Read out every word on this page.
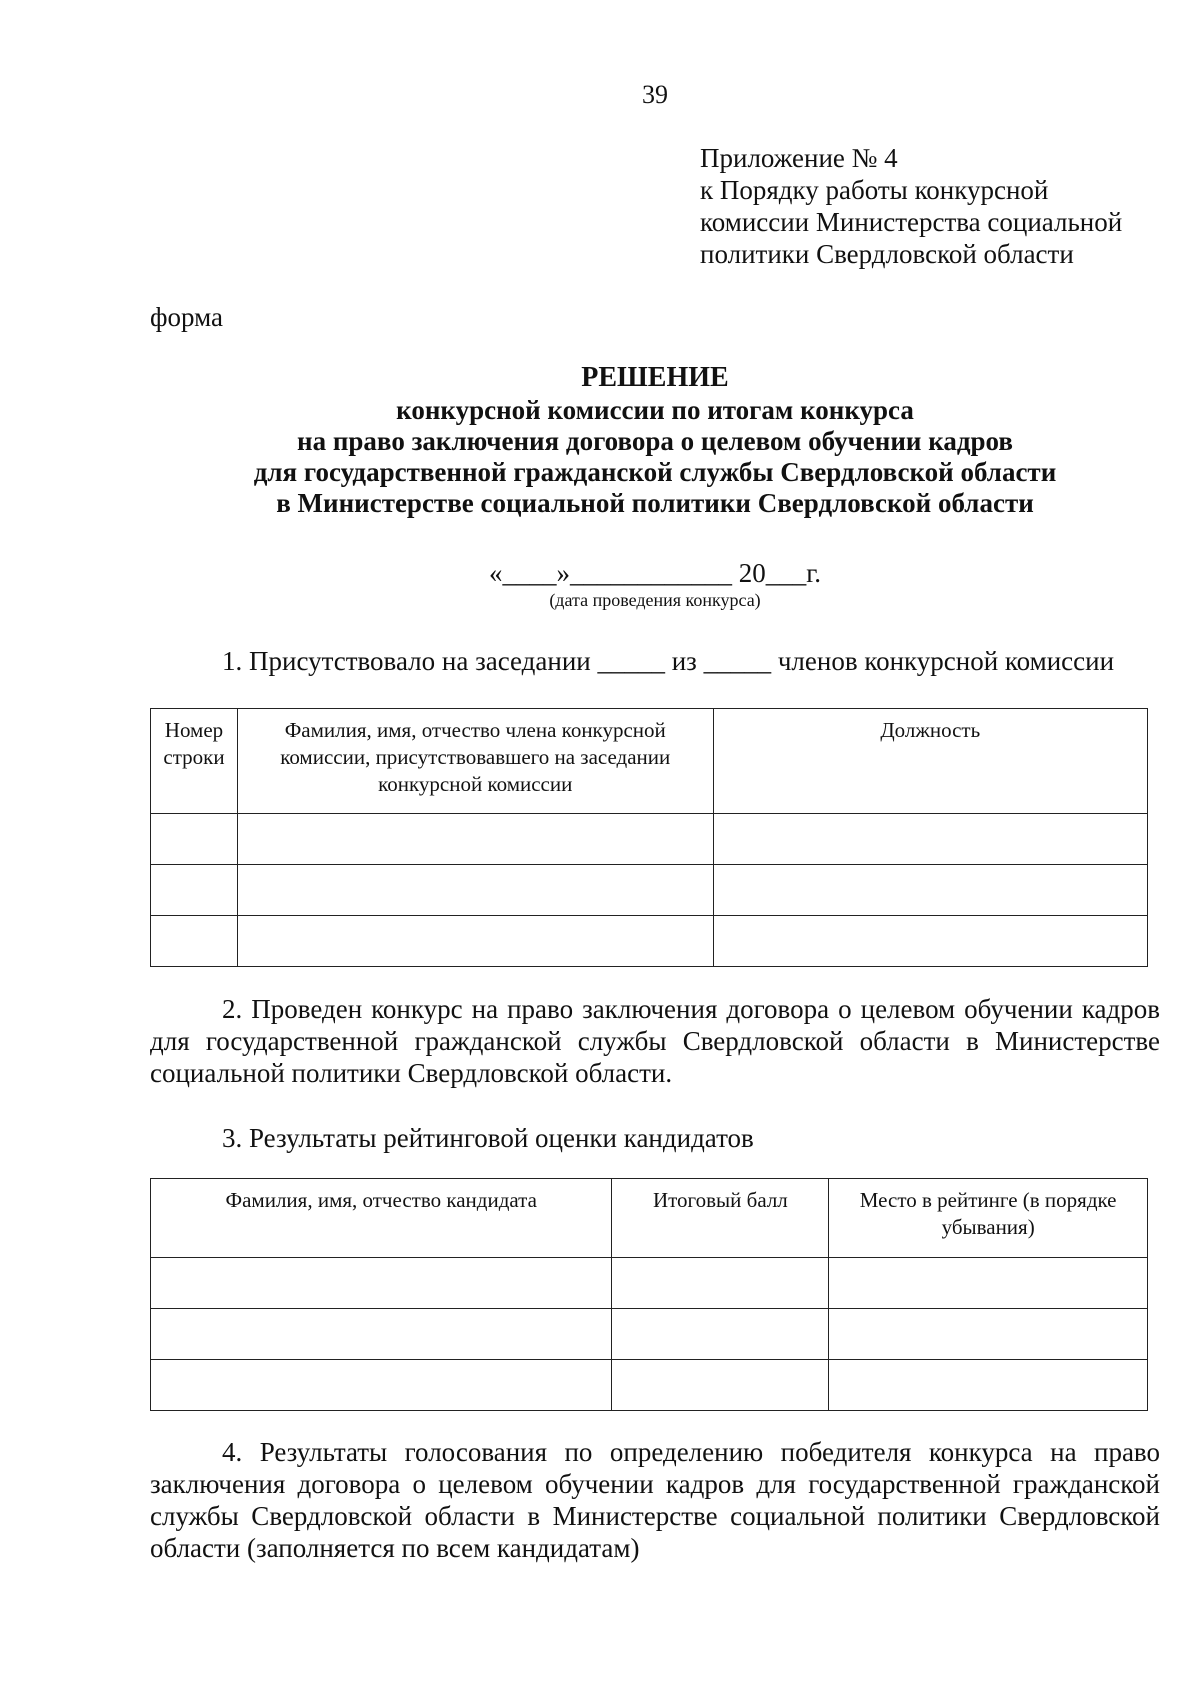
39
Приложение № 4
к Порядку работы конкурсной
комиссии Министерства социальной
политики Свердловской области
форма
РЕШЕНИЕ
конкурсной комиссии по итогам конкурса
на право заключения договора о целевом обучении кадров
для государственной гражданской службы Свердловской области
в Министерстве социальной политики Свердловской области
«____»____________ 20___г.
(дата проведения конкурса)
1. Присутствовало на заседании _____ из _____ членов конкурсной комиссии
Номер строки	Фамилия, имя, отчество члена конкурсной комиссии, присутствовавшего на заседании конкурсной комиссии	Должность

2. Проведен конкурс на право заключения договора о целевом обучении кадров для государственной гражданской службы Свердловской области в Министерстве социальной политики Свердловской области.
3. Результаты рейтинговой оценки кандидатов
Фамилия, имя, отчество кандидата	Итоговый балл	Место в рейтинге (в порядке убывания)

4. Результаты голосования по определению победителя конкурса на право заключения договора о целевом обучении кадров для государственной гражданской службы Свердловской области в Министерстве социальной политики Свердловской области (заполняется по всем кандидатам)
